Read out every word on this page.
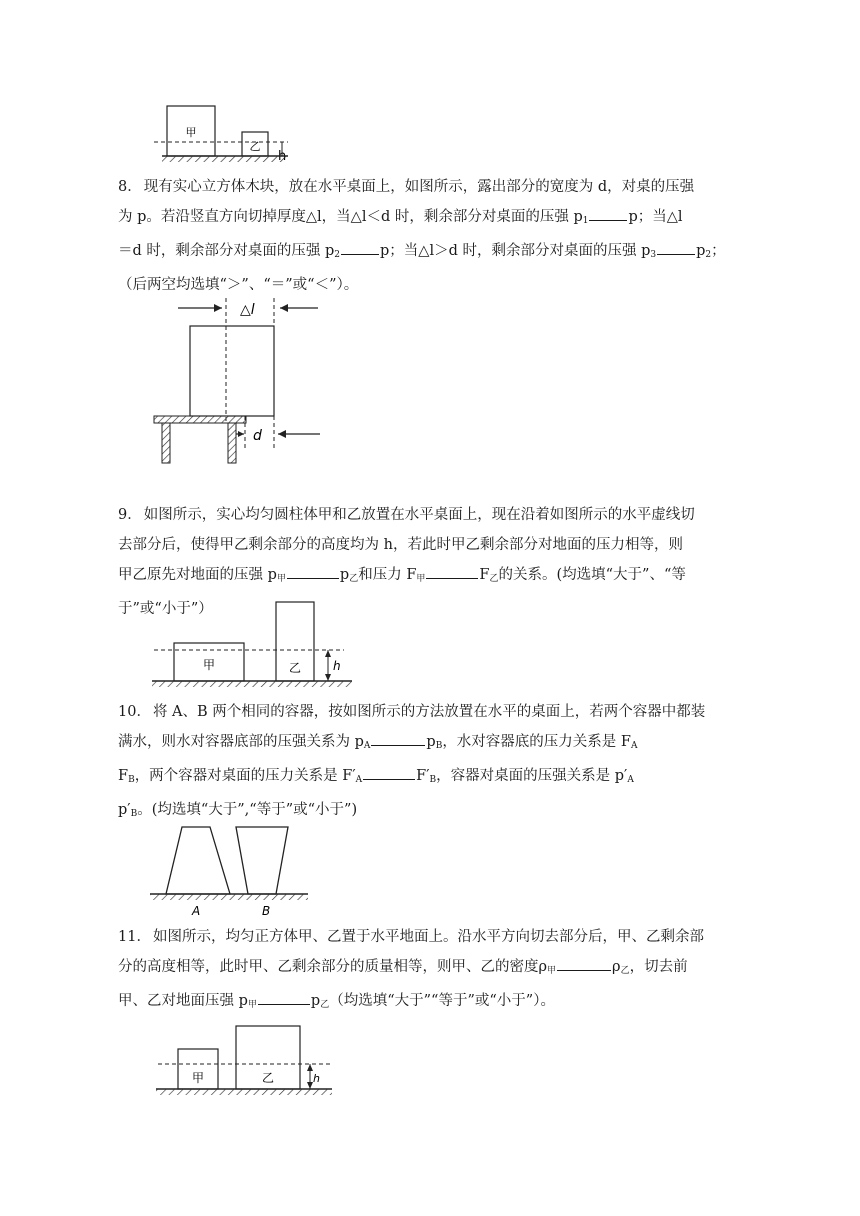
甲
乙

8． 现有实心立方体木块，放在水平桌面上，如图所示，露出部分的宽度为 d，对桌的压强

为 p。若沿竖直方向切掉厚度△l，当△l＜d 时，剩余部分对桌面的压强 $p_1$	p；当△l

＝d 时，剩余部分对桌面的压强 $p_2$	p；当△l＞d 时，剩余部分对桌面的压强 $p_3$	$p_2$；

（后两空均选填“＞”、“＝”或“＜”）。

△l
d

9． 如图所示，实心均匀圆柱体甲和乙放置在水平桌面上，现在沿着如图所示的水平虚线切

去部分后，使得甲乙剩余部分的高度均为 h，若此时甲乙剩余部分对地面的压力相等，则

甲乙原先对地面的压强 $p_甲$	$p_乙$和压力 $F_甲$	$F_乙$的关系。(均选填“大于”、“等

于”或“小于”）

甲	乙	h

10． 将 A、B 两个相同的容器，按如图所示的方法放置在水平的桌面上，若两个容器中都装

满水，则水对容器底部的压强关系为 $p_A$	$p_B$，水对容器底的压力关系是 $F_A$

$F_B$，两个容器对桌面的压力关系是 $F'_A$	$F'_B$，容器对桌面的压强关系是 $p'_A$

$p'_B$。(均选填“大于”,“等于”或“小于”)

A	B

11． 如图所示，均匀正方体甲、乙置于水平地面上。沿水平方向切去部分后，甲、乙剩余部

分的高度相等，此时甲、乙剩余部分的质量相等，则甲、乙的密度$\rho_甲$	$\rho_乙$，切去前

甲、乙对地面压强 $p_甲$	$p_乙$（均选填“大于”“等于”或“小于”）。

甲	乙	h
